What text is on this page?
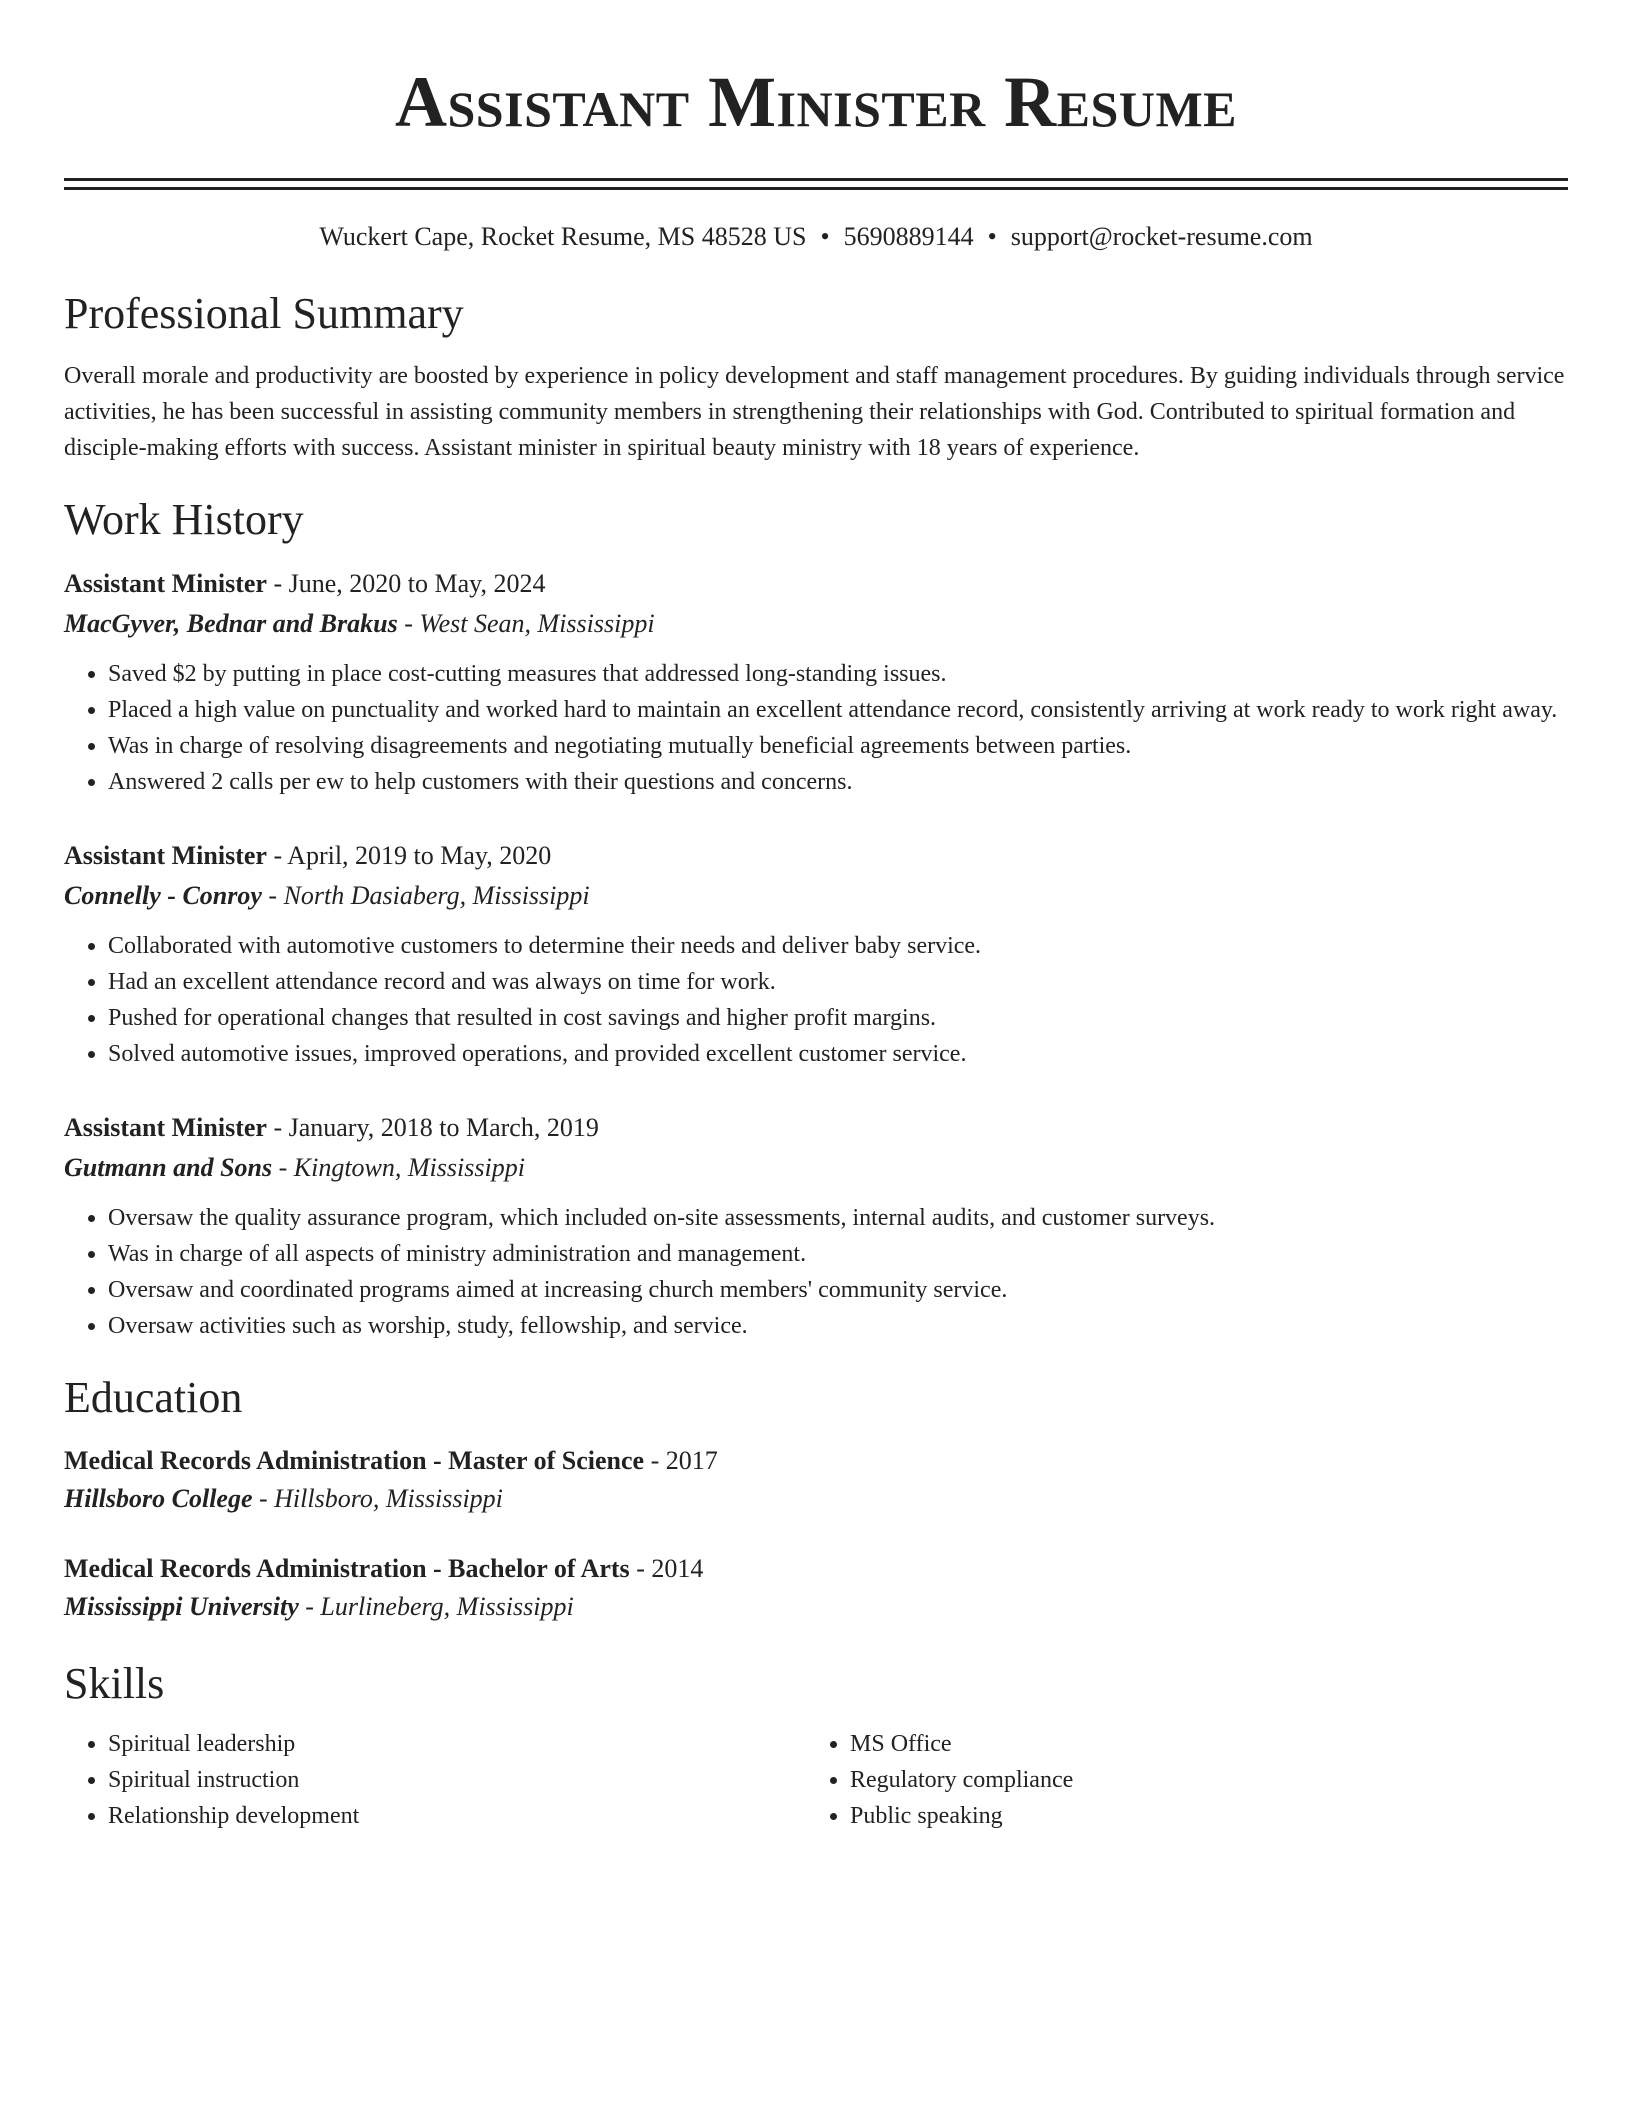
Assistant Minister Resume
Wuckert Cape, Rocket Resume, MS 48528 US • 5690889144 • support@rocket-resume.com
Professional Summary

Overall morale and productivity are boosted by experience in policy development and staff management procedures. By guiding individuals through service activities, he has been successful in assisting community members in strengthening their relationships with God. Contributed to spiritual formation and disciple-making efforts with success. Assistant minister in spiritual beauty ministry with 18 years of experience.

Work History
Assistant Minister - June, 2020 to May, 2024
MacGyver, Bednar and Brakus - West Sean, Mississippi
• Saved $2 by putting in place cost-cutting measures that addressed long-standing issues.
• Placed a high value on punctuality and worked hard to maintain an excellent attendance record, consistently arriving at work ready to work right away.
• Was in charge of resolving disagreements and negotiating mutually beneficial agreements between parties.
• Answered 2 calls per ew to help customers with their questions and concerns.
Assistant Minister - April, 2019 to May, 2020
Connelly - Conroy - North Dasiaberg, Mississippi
• Collaborated with automotive customers to determine their needs and deliver baby service.
• Had an excellent attendance record and was always on time for work.
• Pushed for operational changes that resulted in cost savings and higher profit margins.
• Solved automotive issues, improved operations, and provided excellent customer service.
Assistant Minister - January, 2018 to March, 2019
Gutmann and Sons - Kingtown, Mississippi
• Oversaw the quality assurance program, which included on-site assessments, internal audits, and customer surveys.
• Was in charge of all aspects of ministry administration and management.
• Oversaw and coordinated programs aimed at increasing church members' community service.
• Oversaw activities such as worship, study, fellowship, and service.
Education
Medical Records Administration - Master of Science - 2017
Hillsboro College - Hillsboro, Mississippi
Medical Records Administration - Bachelor of Arts - 2014
Mississippi University - Lurlineberg, Mississippi
Skills
• Spiritual leadership
• Spiritual instruction
• Relationship development
• MS Office
• Regulatory compliance
• Public speaking
